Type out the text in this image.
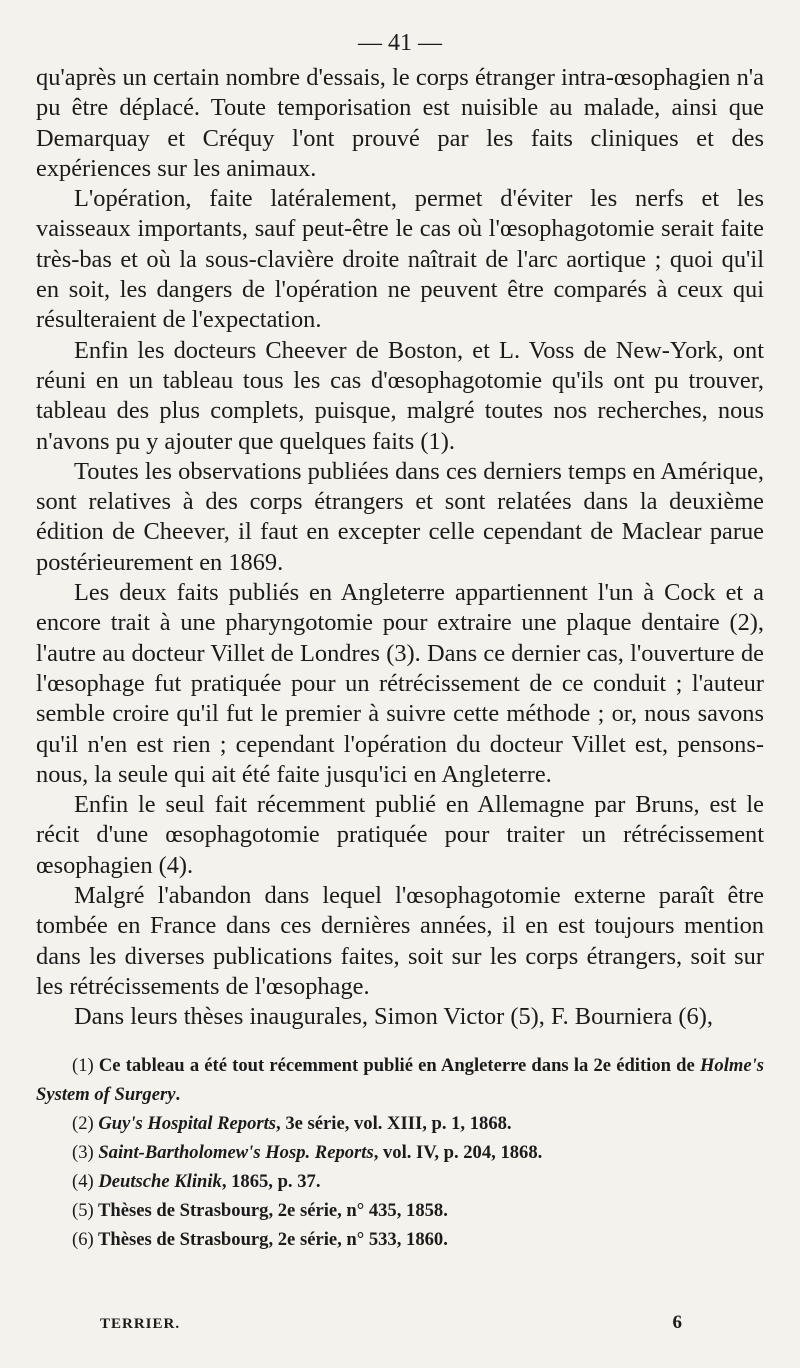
— 41 —

qu'après un certain nombre d'essais, le corps étranger intra-œsophagien n'a pu être déplacé. Toute temporisation est nuisible au malade, ainsi que Demarquay et Créquy l'ont prouvé par les faits cliniques et des expériences sur les animaux.

L'opération, faite latéralement, permet d'éviter les nerfs et les vaisseaux importants, sauf peut-être le cas où l'œsophagotomie serait faite très-bas et où la sous-clavière droite naîtrait de l'arc aortique ; quoi qu'il en soit, les dangers de l'opération ne peuvent être comparés à ceux qui résulteraient de l'expectation.

Enfin les docteurs Cheever de Boston, et L. Voss de New-York, ont réuni en un tableau tous les cas d'œsophagotomie qu'ils ont pu trouver, tableau des plus complets, puisque, malgré toutes nos recherches, nous n'avons pu y ajouter que quelques faits (1).

Toutes les observations publiées dans ces derniers temps en Amérique, sont relatives à des corps étrangers et sont relatées dans la deuxième édition de Cheever, il faut en excepter celle cependant de Maclear parue postérieurement en 1869.

Les deux faits publiés en Angleterre appartiennent l'un à Cock et a encore trait à une pharyngotomie pour extraire une plaque dentaire (2), l'autre au docteur Villet de Londres (3). Dans ce dernier cas, l'ouverture de l'œsophage fut pratiquée pour un rétrécissement de ce conduit ; l'auteur semble croire qu'il fut le premier à suivre cette méthode ; or, nous savons qu'il n'en est rien ; cependant l'opération du docteur Villet est, pensons-nous, la seule qui ait été faite jusqu'ici en Angleterre.

Enfin le seul fait récemment publié en Allemagne par Bruns, est le récit d'une œsophagotomie pratiquée pour traiter un rétrécissement œsophagien (4).

Malgré l'abandon dans lequel l'œsophagotomie externe paraît être tombée en France dans ces dernières années, il en est toujours mention dans les diverses publications faites, soit sur les corps étrangers, soit sur les rétrécissements de l'œsophage.

Dans leurs thèses inaugurales, Simon Victor (5), F. Bourniera (6),

(1) Ce tableau a été tout récemment publié en Angleterre dans la 2e édition de Holme's System of Surgery.

(2) Guy's Hospital Reports, 3e série, vol. XIII, p. 1, 1868.

(3) Saint-Bartholomew's Hosp. Reports, vol. IV, p. 204, 1868.

(4) Deutsche Klinik, 1865, p. 37.

(5) Thèses de Strasbourg, 2e série, n° 435, 1858.

(6) Thèses de Strasbourg, 2e série, n° 533, 1860.

TERRIER.	6
